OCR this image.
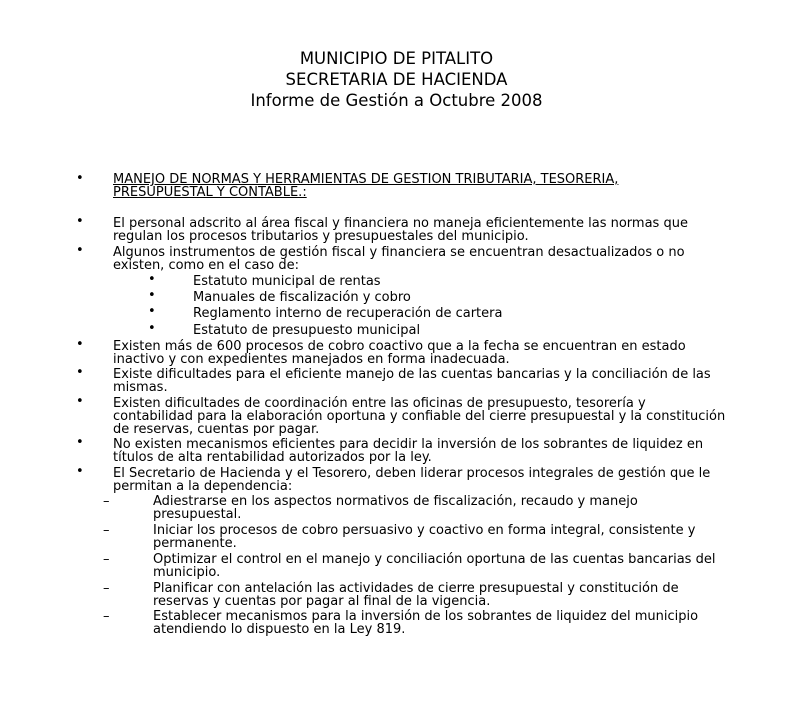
MUNICIPIO DE PITALITO
SECRETARIA DE HACIENDA
Informe de Gestión a Octubre 2008
• MANEJO DE NORMAS Y HERRAMIENTAS DE GESTION TRIBUTARIA, TESORERIA,
PRESUPUESTAL Y CONTABLE.:
• El personal adscrito al área fiscal y financiera no maneja eficientemente las normas que
regulan los procesos tributarios y presupuestales del municipio.
• Algunos instrumentos de gestión fiscal y financiera se encuentran desactualizados o no
existen, como en el caso de:
•	Estatuto municipal de rentas
•	Manuales de fiscalización y cobro
•	Reglamento interno de recuperación de cartera
•	Estatuto de presupuesto municipal
• Existen más de 600 procesos de cobro coactivo que a la fecha se encuentran en estado
inactivo y con expedientes manejados en forma inadecuada.
• Existe dificultades para el eficiente manejo de las cuentas bancarias y la conciliación de las
mismas.
• Existen dificultades de coordinación entre las oficinas de presupuesto, tesorería y
contabilidad para la elaboración oportuna y confiable del cierre presupuestal y la constitución
de reservas, cuentas por pagar.
• No existen mecanismos eficientes para decidir la inversión de los sobrantes de liquidez en
títulos de alta rentabilidad autorizados por la ley.
• El Secretario de Hacienda y el Tesorero, deben liderar procesos integrales de gestión que le
permitan a la dependencia:
–	Adiestrarse en los aspectos normativos de fiscalización, recaudo y manejo
presupuestal.
–	Iniciar los procesos de cobro persuasivo y coactivo en forma integral, consistente y
permanente.
–	Optimizar el control en el manejo y conciliación oportuna de las cuentas bancarias del
municipio.
–	Planificar con antelación las actividades de cierre presupuestal y constitución de
reservas y cuentas por pagar al final de la vigencia.
–	Establecer mecanismos para la inversión de los sobrantes de liquidez del municipio
atendiendo lo dispuesto en la Ley 819.
